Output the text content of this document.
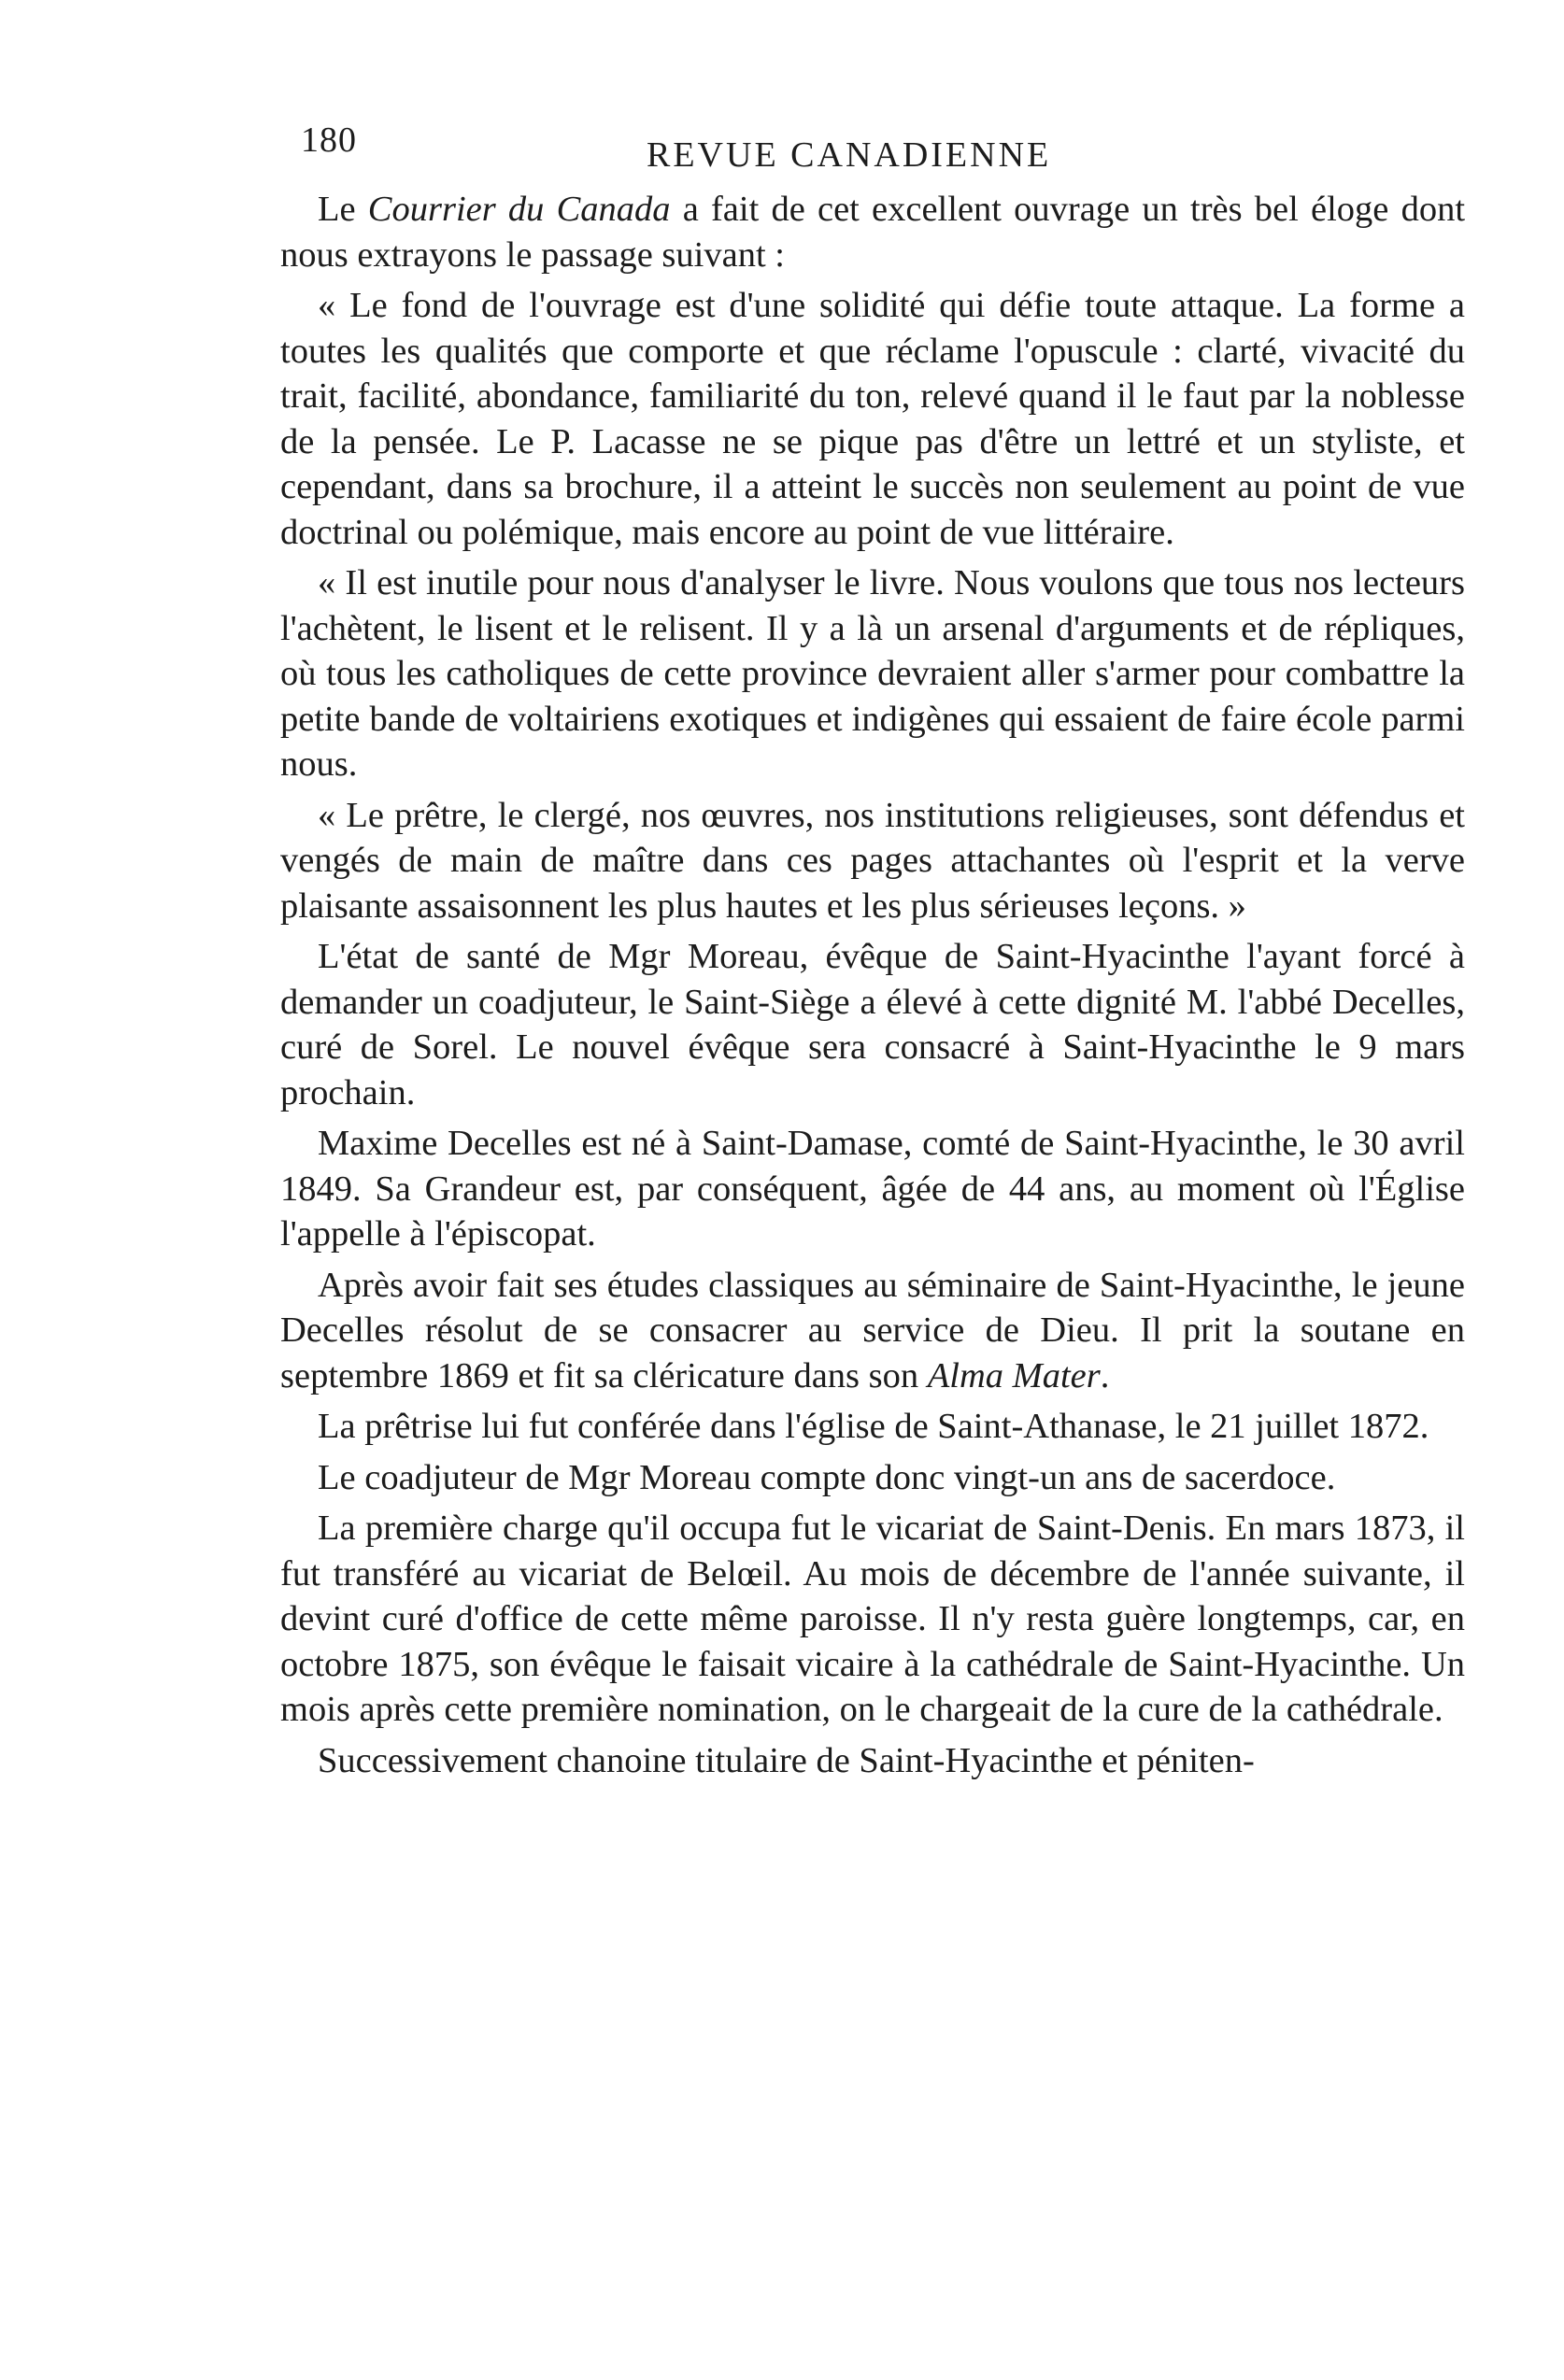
180	REVUE CANADIENNE

Le Courrier du Canada a fait de cet excellent ouvrage un très bel éloge dont nous extrayons le passage suivant :

« Le fond de l'ouvrage est d'une solidité qui défie toute attaque. La forme a toutes les qualités que comporte et que réclame l'opuscule : clarté, vivacité du trait, facilité, abondance, familiarité du ton, relevé quand il le faut par la noblesse de la pensée. Le P. Lacasse ne se pique pas d'être un lettré et un styliste, et cependant, dans sa brochure, il a atteint le succès non seulement au point de vue doctrinal ou polémique, mais encore au point de vue littéraire.

« Il est inutile pour nous d'analyser le livre. Nous voulons que tous nos lecteurs l'achètent, le lisent et le relisent. Il y a là un arsenal d'arguments et de répliques, où tous les catholiques de cette province devraient aller s'armer pour combattre la petite bande de voltairiens exotiques et indigènes qui essaient de faire école parmi nous.

« Le prêtre, le clergé, nos œuvres, nos institutions religieuses, sont défendus et vengés de main de maître dans ces pages attachantes où l'esprit et la verve plaisante assaisonnent les plus hautes et les plus sérieuses leçons. »

L'état de santé de Mgr Moreau, évêque de Saint-Hyacinthe l'ayant forcé à demander un coadjuteur, le Saint-Siège a élevé à cette dignité M. l'abbé Decelles, curé de Sorel. Le nouvel évêque sera consacré à Saint-Hyacinthe le 9 mars prochain.

Maxime Decelles est né à Saint-Damase, comté de Saint-Hyacinthe, le 30 avril 1849. Sa Grandeur est, par conséquent, âgée de 44 ans, au moment où l'Église l'appelle à l'épiscopat.

Après avoir fait ses études classiques au séminaire de Saint-Hyacinthe, le jeune Decelles résolut de se consacrer au service de Dieu. Il prit la soutane en septembre 1869 et fit sa cléricature dans son Alma Mater.

La prêtrise lui fut conférée dans l'église de Saint-Athanase, le 21 juillet 1872.

Le coadjuteur de Mgr Moreau compte donc vingt-un ans de sacerdoce.

La première charge qu'il occupa fut le vicariat de Saint-Denis. En mars 1873, il fut transféré au vicariat de Belœil. Au mois de décembre de l'année suivante, il devint curé d'office de cette même paroisse. Il n'y resta guère longtemps, car, en octobre 1875, son évêque le faisait vicaire à la cathédrale de Saint-Hyacinthe. Un mois après cette première nomination, on le chargeait de la cure de la cathédrale.

Successivement chanoine titulaire de Saint-Hyacinthe et péniten-
